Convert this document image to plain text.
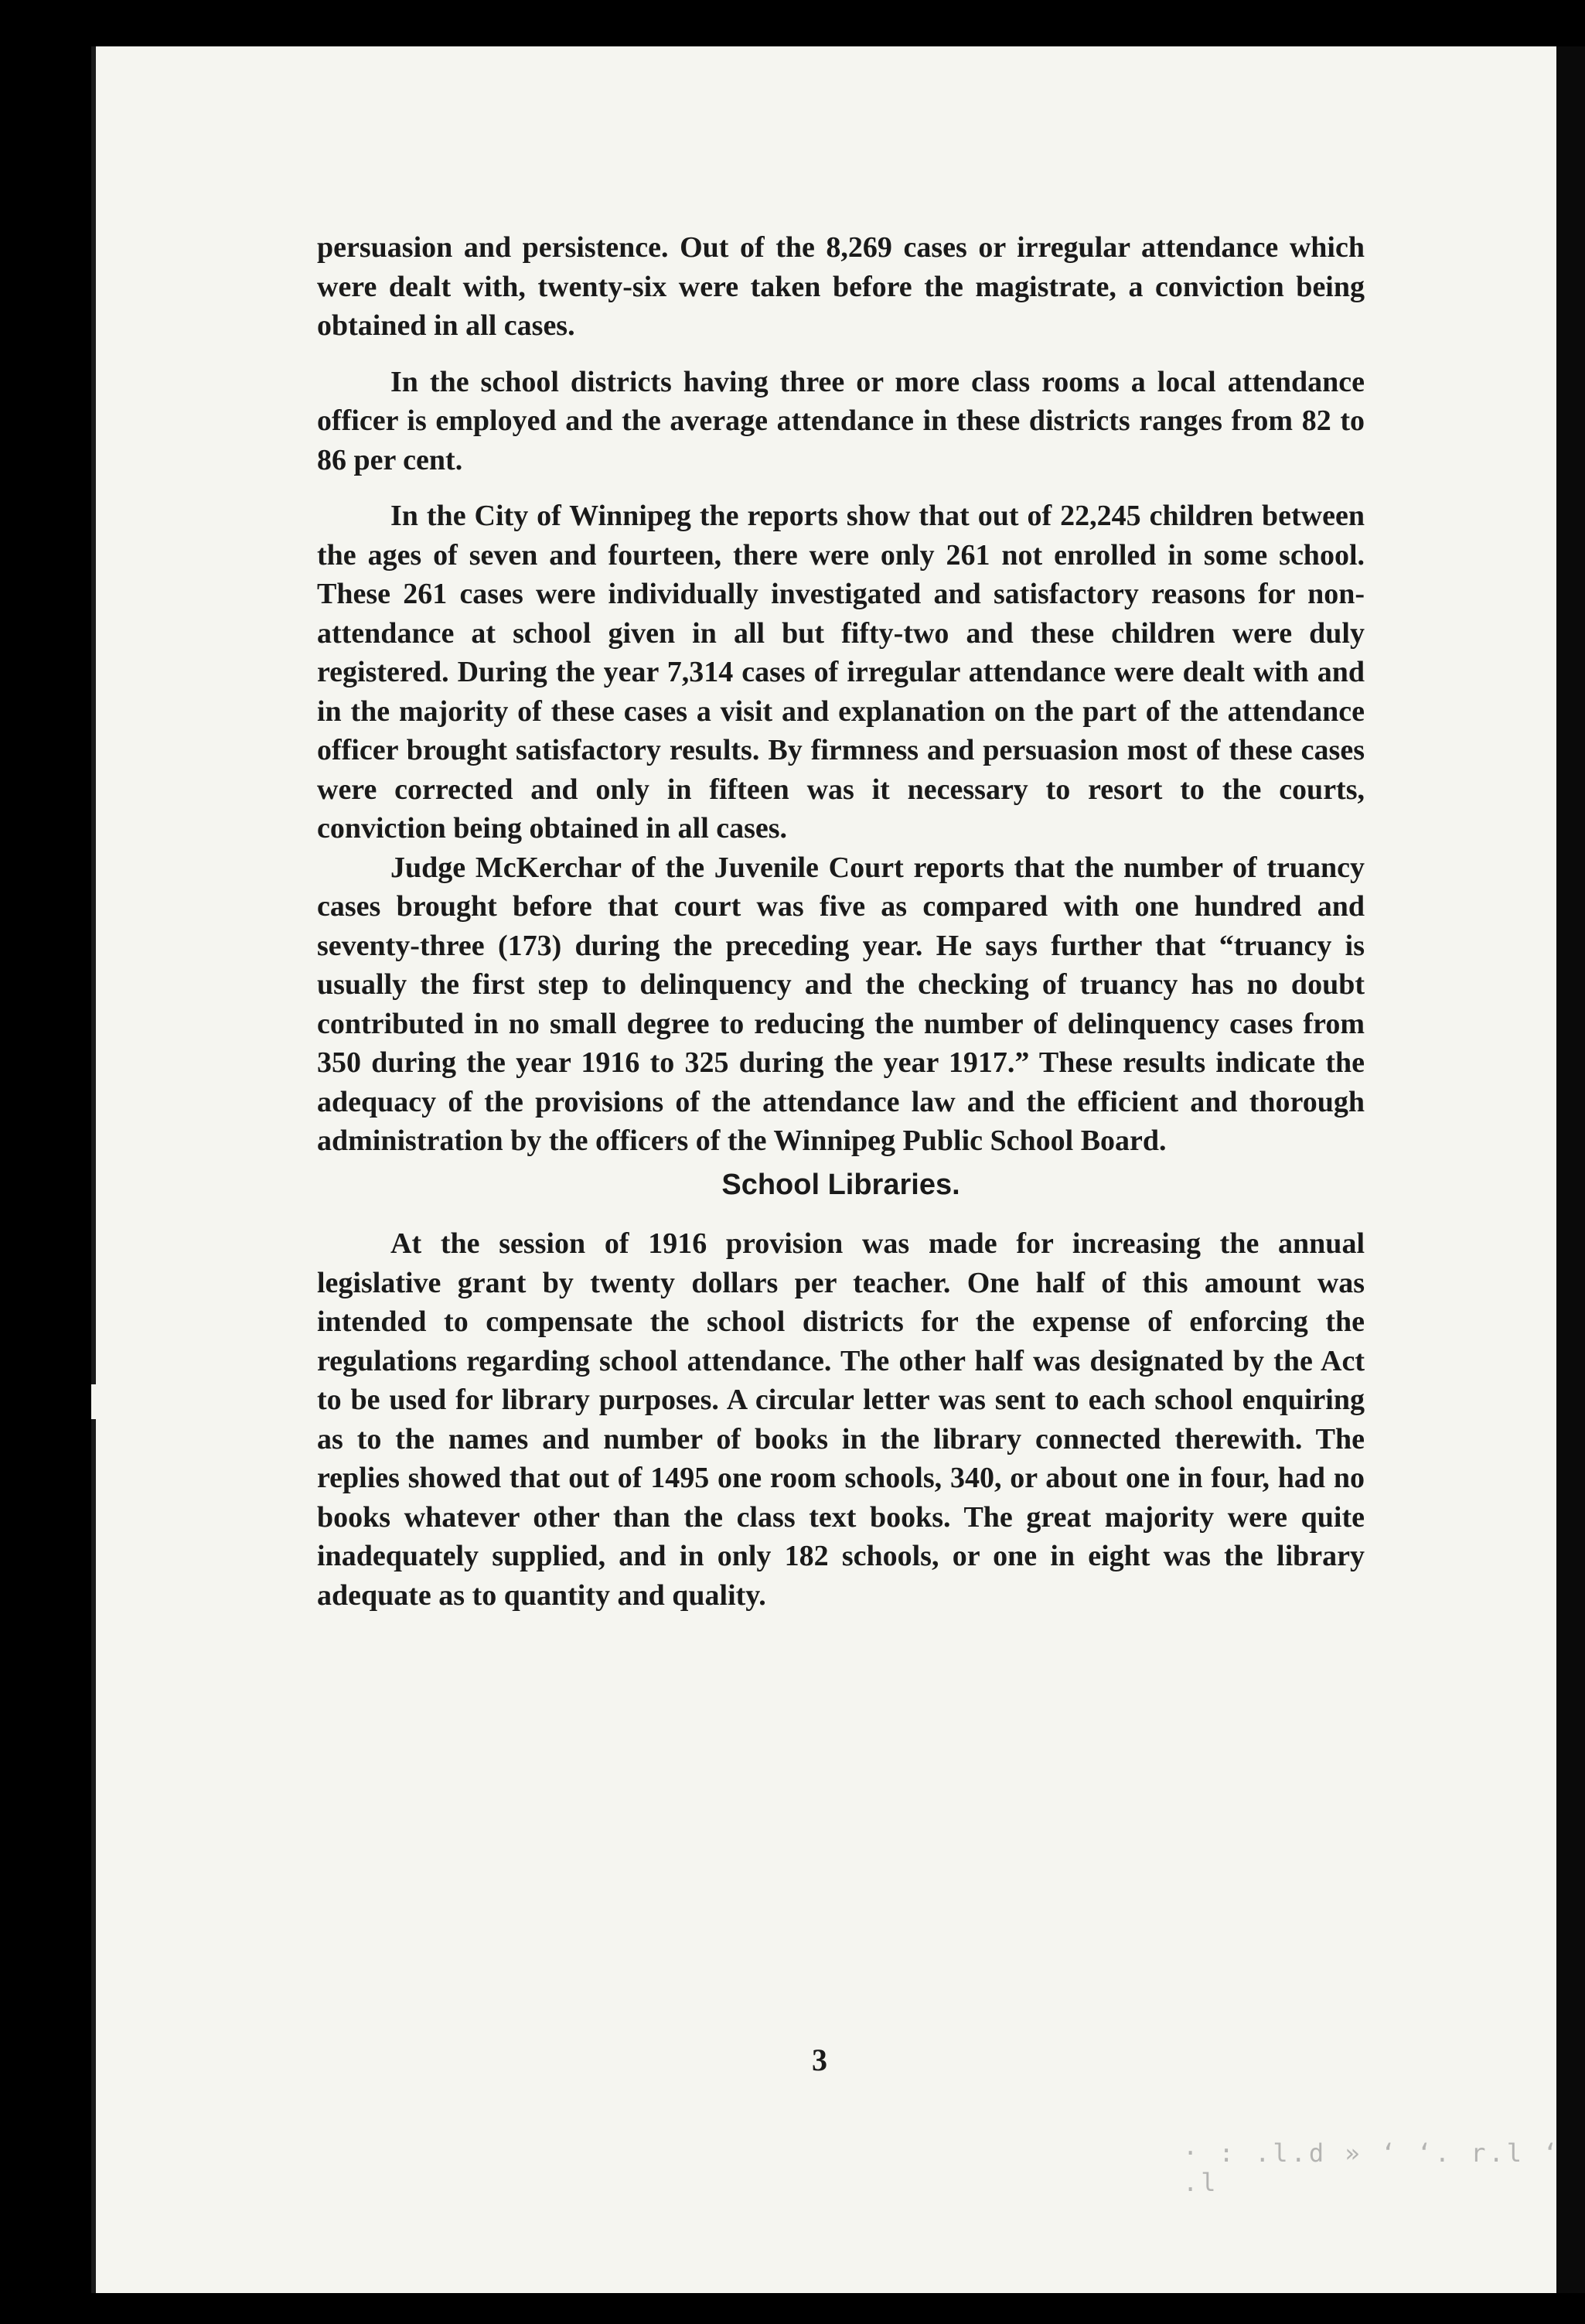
persuasion and persistence. Out of the 8,269 cases or irregular attendance which were dealt with, twenty-six were taken before the magistrate, a conviction being obtained in all cases.

In the school districts having three or more class rooms a local attendance officer is employed and the average attendance in these districts ranges from 82 to 86 per cent.

In the City of Winnipeg the reports show that out of 22,245 children between the ages of seven and fourteen, there were only 261 not enrolled in some school. These 261 cases were individually investigated and satisfactory reasons for non-attendance at school given in all but fifty-two and these children were duly registered. During the year 7,314 cases of irregular attendance were dealt with and in the majority of these cases a visit and explanation on the part of the attendance officer brought satisfactory results. By firmness and persuasion most of these cases were corrected and only in fifteen was it necessary to resort to the courts, conviction being obtained in all cases.

Judge McKerchar of the Juvenile Court reports that the number of truancy cases brought before that court was five as compared with one hundred and seventy-three (173) during the preceding year. He says further that “truancy is usually the first step to delinquency and the checking of truancy has no doubt contributed in no small degree to reducing the number of delinquency cases from 350 during the year 1916 to 325 during the year 1917.” These results indicate the adequacy of the provisions of the attendance law and the efficient and thorough administration by the officers of the Winnipeg Public School Board.

School Libraries.

At the session of 1916 provision was made for increasing the annual legislative grant by twenty dollars per teacher. One half of this amount was intended to compensate the school districts for the expense of enforcing the regulations regarding school attendance. The other half was designated by the Act to be used for library purposes. A circular letter was sent to each school enquiring as to the names and number of books in the library connected therewith. The replies showed that out of 1495 one room schools, 340, or about one in four, had no books whatever other than the class text books. The great majority were quite inadequately supplied, and in only 182 schools, or one in eight was the library adequate as to quantity and quality.

3
· : .l.d » ‘ ‘. r.l ‘ .l
